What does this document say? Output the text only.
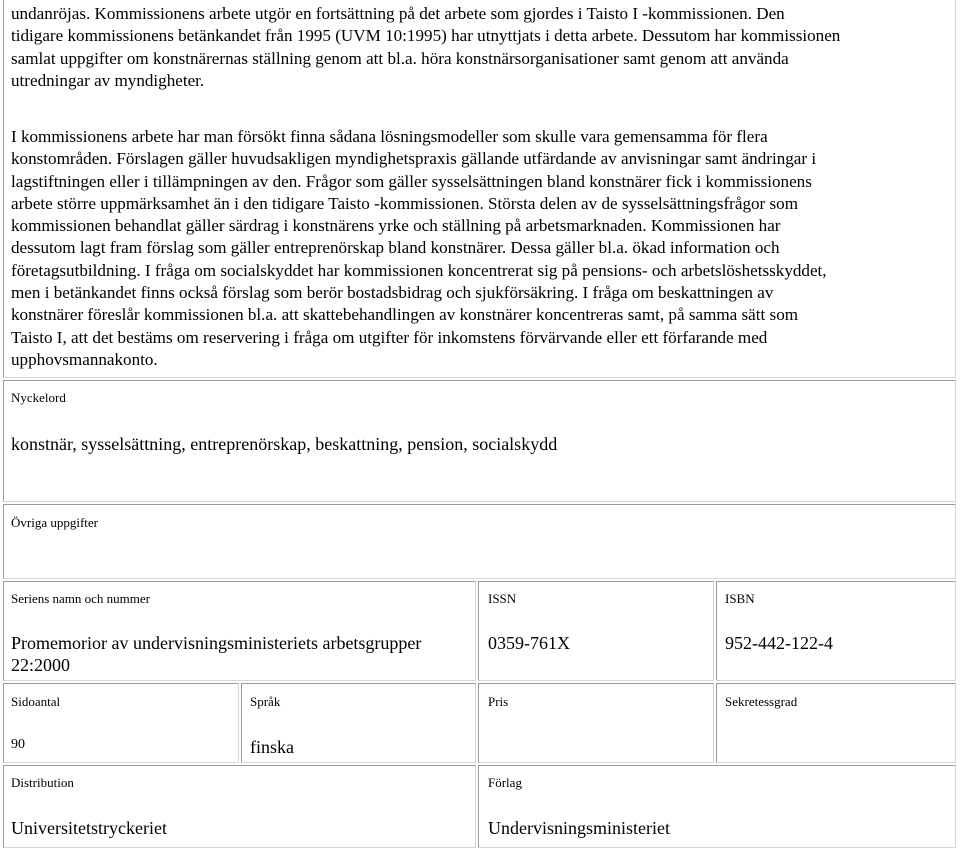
undanröjas. Kommissionens arbete utgör en fortsättning på det arbete som gjordes i Taisto I -kommissionen. Den
tidigare kommissionens betänkandet från 1995 (UVM 10:1995) har utnyttjats i detta arbete. Dessutom har kommissionen
samlat uppgifter om konstnärernas ställning genom att bl.a. höra konstnärsorganisationer samt genom att använda
utredningar av myndigheter.
I kommissionens arbete har man försökt finna sådana lösningsmodeller som skulle vara gemensamma för flera
konstområden. Förslagen gäller huvudsakligen myndighetspraxis gällande utfärdande av anvisningar samt ändringar i
lagstiftningen eller i tillämpningen av den. Frågor som gäller sysselsättningen bland konstnärer fick i kommissionens
arbete större uppmärksamhet än i den tidigare Taisto -kommissionen. Största delen av de sysselsättningsfrågor som
kommissionen behandlat gäller särdrag i konstnärens yrke och ställning på arbetsmarknaden. Kommissionen har
dessutom lagt fram förslag som gäller entreprenörskap bland konstnärer. Dessa gäller bl.a. ökad information och
företagsutbildning. I fråga om socialskyddet har kommissionen koncentrerat sig på pensions- och arbetslöshetsskyddet,
men i betänkandet finns också förslag som berör bostadsbidrag och sjukförsäkring. I fråga om beskattningen av
konstnärer föreslår kommissionen bl.a. att skattebehandlingen av konstnärer koncentreras samt, på samma sätt som
Taisto I, att det bestäms om reservering i fråga om utgifter för inkomstens förvärvande eller ett förfarande med
upphovsmannakonto.
Nyckelord
konstnär, sysselsättning, entreprenörskap, beskattning, pension, socialskydd
Övriga uppgifter
Seriens namn och nummer
Promemorior av undervisningsministeriets arbetsgrupper
22:2000
ISSN
0359-761X
ISBN
952-442-122-4
Sidoantal
90
Språk
finska
Pris	Sekretessgrad
Distribution
Universitetstryckeriet
Förlag
Undervisningsministeriet
